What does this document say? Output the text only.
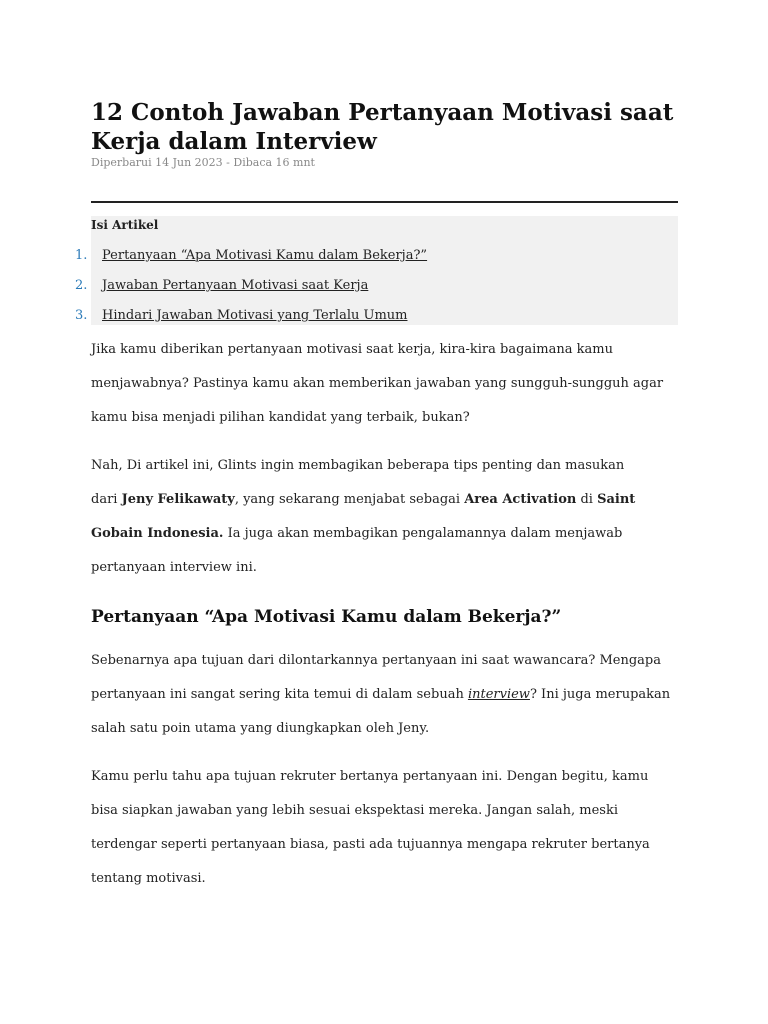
12 Contoh Jawaban Pertanyaan Motivasi saat Kerja dalam Interview

Diperbarui 14 Jun 2023 - Dibaca 16 mnt

Isi Artikel

1. Pertanyaan “Apa Motivasi Kamu dalam Bekerja?”
2. Jawaban Pertanyaan Motivasi saat Kerja
3. Hindari Jawaban Motivasi yang Terlalu Umum

Jika kamu diberikan pertanyaan motivasi saat kerja, kira-kira bagaimana kamu
menjawabnya? Pastinya kamu akan memberikan jawaban yang sungguh-sungguh agar
kamu bisa menjadi pilihan kandidat yang terbaik, bukan?

Nah, Di artikel ini, Glints ingin membagikan beberapa tips penting dan masukan
dari Jeny Felikawaty, yang sekarang menjabat sebagai Area Activation di Saint
Gobain Indonesia. Ia juga akan membagikan pengalamannya dalam menjawab
pertanyaan interview ini.

Pertanyaan “Apa Motivasi Kamu dalam Bekerja?”

Sebenarnya apa tujuan dari dilontarkannya pertanyaan ini saat wawancara? Mengapa
pertanyaan ini sangat sering kita temui di dalam sebuah interview? Ini juga merupakan
salah satu poin utama yang diungkapkan oleh Jeny.

Kamu perlu tahu apa tujuan rekruter bertanya pertanyaan ini. Dengan begitu, kamu
bisa siapkan jawaban yang lebih sesuai ekspektasi mereka. Jangan salah, meski
terdengar seperti pertanyaan biasa, pasti ada tujuannya mengapa rekruter bertanya
tentang motivasi.
